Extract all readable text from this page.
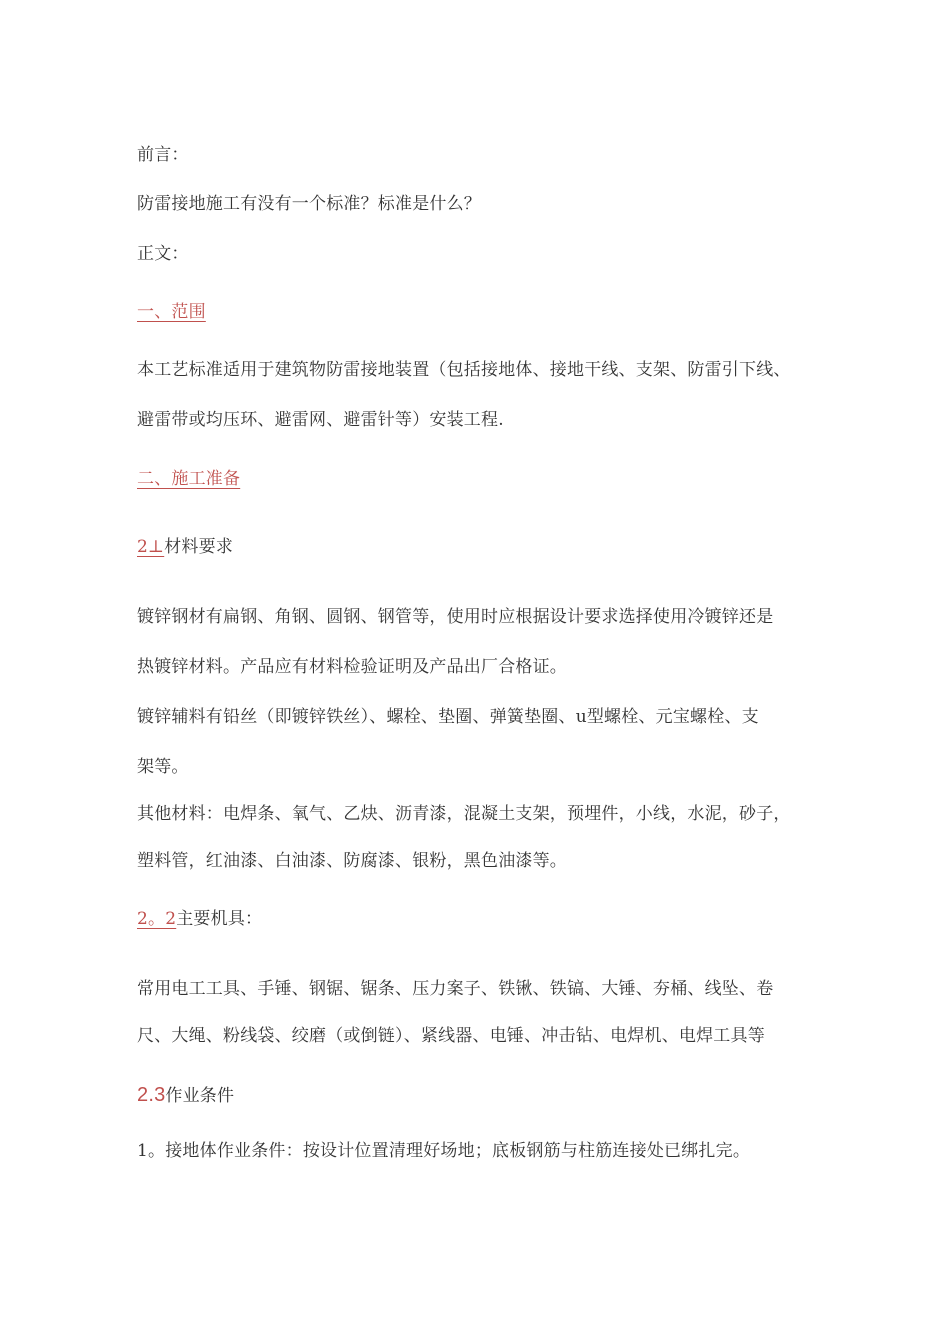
前言：
防雷接地施工有没有一个标准？标准是什么？
正文：
一、范围
本工艺标准适用于建筑物防雷接地装置（包括接地体、接地干线、支架、防雷引下线、
避雷带或均压环、避雷网、避雷针等）安装工程.
二、施工准备
2⊥材料要求
镀锌钢材有扁钢、角钢、圆钢、钢管等，使用时应根据设计要求选择使用冷镀锌还是
热镀锌材料。产品应有材料检验证明及产品出厂合格证。
镀锌辅料有铅丝（即镀锌铁丝）、螺栓、垫圈、弹簧垫圈、u型螺栓、元宝螺栓、支
架等。
其他材料：电焊条、氧气、乙炔、沥青漆，混凝土支架，预埋件，小线，水泥，砂子，
塑料管，红油漆、白油漆、防腐漆、银粉，黑色油漆等。
2。2主要机具：
常用电工工具、手锤、钢锯、锯条、压力案子、铁锹、铁镐、大锤、夯桶、线坠、卷
尺、大绳、粉线袋、绞磨（或倒链）、紧线器、电锤、冲击钻、电焊机、电焊工具等
2.3作业条件
1。接地体作业条件：按设计位置清理好场地；底板钢筋与柱筋连接处已绑扎完。
